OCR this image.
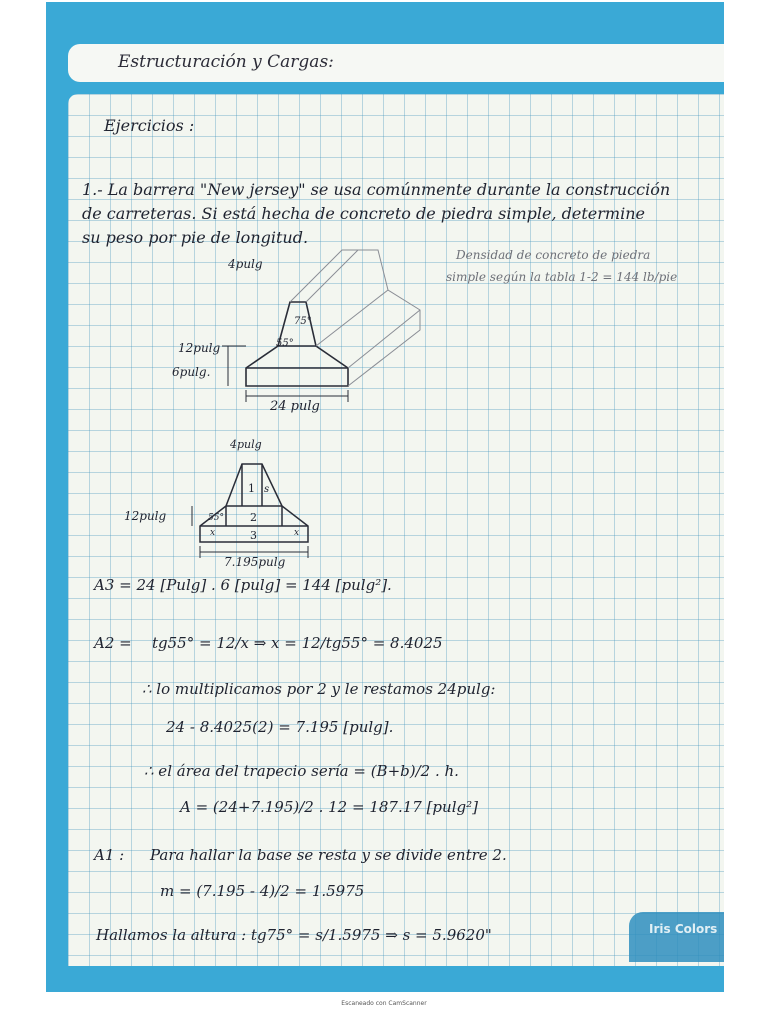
Estructuración y Cargas:
Ejercicios :
1.- La barrera "New jersey" se usa comúnmente durante la construcción
de carreteras. Si está hecha de concreto de piedra simple, determine
su peso por pie de longitud.
Densidad de concreto de piedra
simple según la tabla 1-2 = 144 lb/pie
4pulg
75°
55°
12pulg
6pulg.
24 pulg
4pulg
12pulg
1 s
2
3
55°
x	x
7.195pulg
A3 = 24 [Pulg] . 6 [pulg] = 144 [pulg²].
A2 = tg55° = 12/x ⇒ x = 12/tg55° = 8.4025
∴ lo multiplicamos por 2 y le restamos 24pulg:
24 - 8.4025(2) = 7.195 [pulg].
∴ el área del trapecio sería = (B+b)/2 . h.
A = (24+7.195)/2 . 12 = 187.17 [pulg²]
A1 : Para hallar la base se resta y se divide entre 2.
m = (7.195 - 4)/2 = 1.5975
Hallamos la altura : tg75° = s/1.5975 ⇒ s = 5.9620"	Iris Colors
Escaneado con CamScanner
